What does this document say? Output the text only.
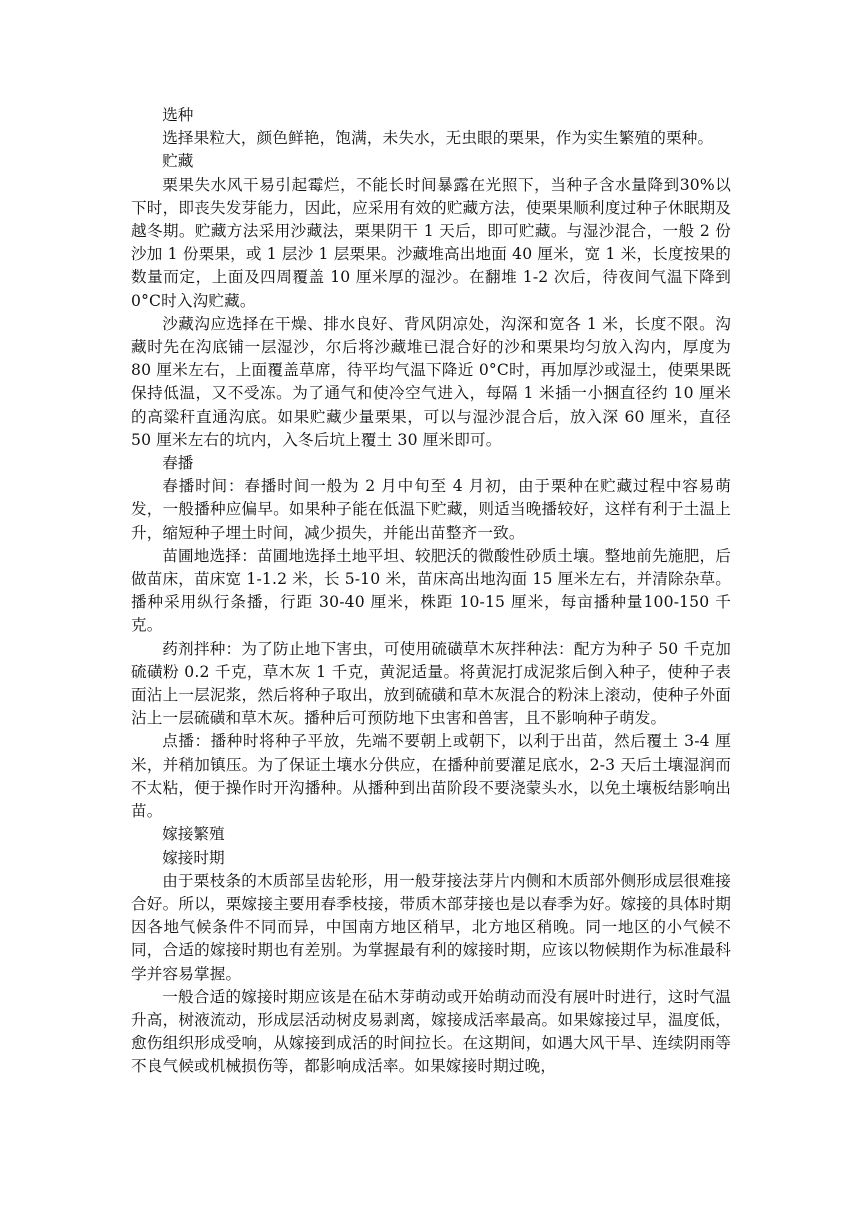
选种

选择果粒大，颜色鲜艳，饱满，未失水，无虫眼的栗果，作为实生繁殖的栗种。

贮藏

栗果失水风干易引起霉烂，不能长时间暴露在光照下，当种子含水量降到30%以下时，即丧失发芽能力，因此，应采用有效的贮藏方法，使栗果顺利度过种子休眠期及越冬期。贮藏方法采用沙藏法，栗果阴干 1 天后，即可贮藏。与湿沙混合，一般 2 份沙加 1 份栗果，或 1 层沙 1 层栗果。沙藏堆高出地面 40 厘米，宽 1 米，长度按果的数量而定，上面及四周覆盖 10 厘米厚的湿沙。在翻堆 1-2 次后，待夜间气温下降到 0°C时入沟贮藏。

沙藏沟应选择在干燥、排水良好、背风阴凉处，沟深和宽各 1 米，长度不限。沟藏时先在沟底铺一层湿沙，尔后将沙藏堆已混合好的沙和栗果均匀放入沟内，厚度为 80 厘米左右，上面覆盖草席，待平均气温下降近 0°C时，再加厚沙或湿土，使栗果既保持低温，又不受冻。为了通气和使冷空气进入，每隔 1 米插一小捆直径约 10 厘米的高粱秆直通沟底。如果贮藏少量栗果，可以与湿沙混合后，放入深 60 厘米，直径 50 厘米左右的坑内，入冬后坑上覆土 30 厘米即可。

春播

春播时间：春播时间一般为 2 月中旬至 4 月初，由于栗种在贮藏过程中容易萌发，一般播种应偏早。如果种子能在低温下贮藏，则适当晚播较好，这样有利于土温上升，缩短种子埋土时间，减少损失，并能出苗整齐一致。

苗圃地选择：苗圃地选择土地平坦、较肥沃的微酸性砂质土壤。整地前先施肥，后做苗床，苗床宽 1-1.2 米，长 5-10 米，苗床高出地沟面 15 厘米左右，并清除杂草。播种采用纵行条播，行距 30-40 厘米，株距 10-15 厘米，每亩播种量100-150 千克。

药剂拌种：为了防止地下害虫，可使用硫磺草木灰拌种法：配方为种子 50 千克加硫磺粉 0.2 千克，草木灰 1 千克，黄泥适量。将黄泥打成泥浆后倒入种子，使种子表面沾上一层泥浆，然后将种子取出，放到硫磺和草木灰混合的粉沫上滚动，使种子外面沾上一层硫磺和草木灰。播种后可预防地下虫害和兽害，且不影响种子萌发。

点播：播种时将种子平放，先端不要朝上或朝下，以利于出苗，然后覆土 3-4 厘米，并稍加镇压。为了保证土壤水分供应，在播种前要灌足底水，2-3 天后土壤湿润而不太粘，便于操作时开沟播种。从播种到出苗阶段不要浇蒙头水，以免土壤板结影响出苗。

嫁接繁殖

嫁接时期

由于栗枝条的木质部呈齿轮形，用一般芽接法芽片内侧和木质部外侧形成层很难接合好。所以，栗嫁接主要用春季枝接，带质木部芽接也是以春季为好。嫁接的具体时期因各地气候条件不同而异，中国南方地区稍早，北方地区稍晚。同一地区的小气候不同，合适的嫁接时期也有差别。为掌握最有利的嫁接时期，应该以物候期作为标准最科学并容易掌握。

一般合适的嫁接时期应该是在砧木芽萌动或开始萌动而没有展叶时进行，这时气温升高，树液流动，形成层活动树皮易剥离，嫁接成活率最高。如果嫁接过早，温度低，愈伤组织形成受响，从嫁接到成活的时间拉长。在这期间，如遇大风干旱、连续阴雨等不良气候或机械损伤等，都影响成活率。如果嫁接时期过晚，
